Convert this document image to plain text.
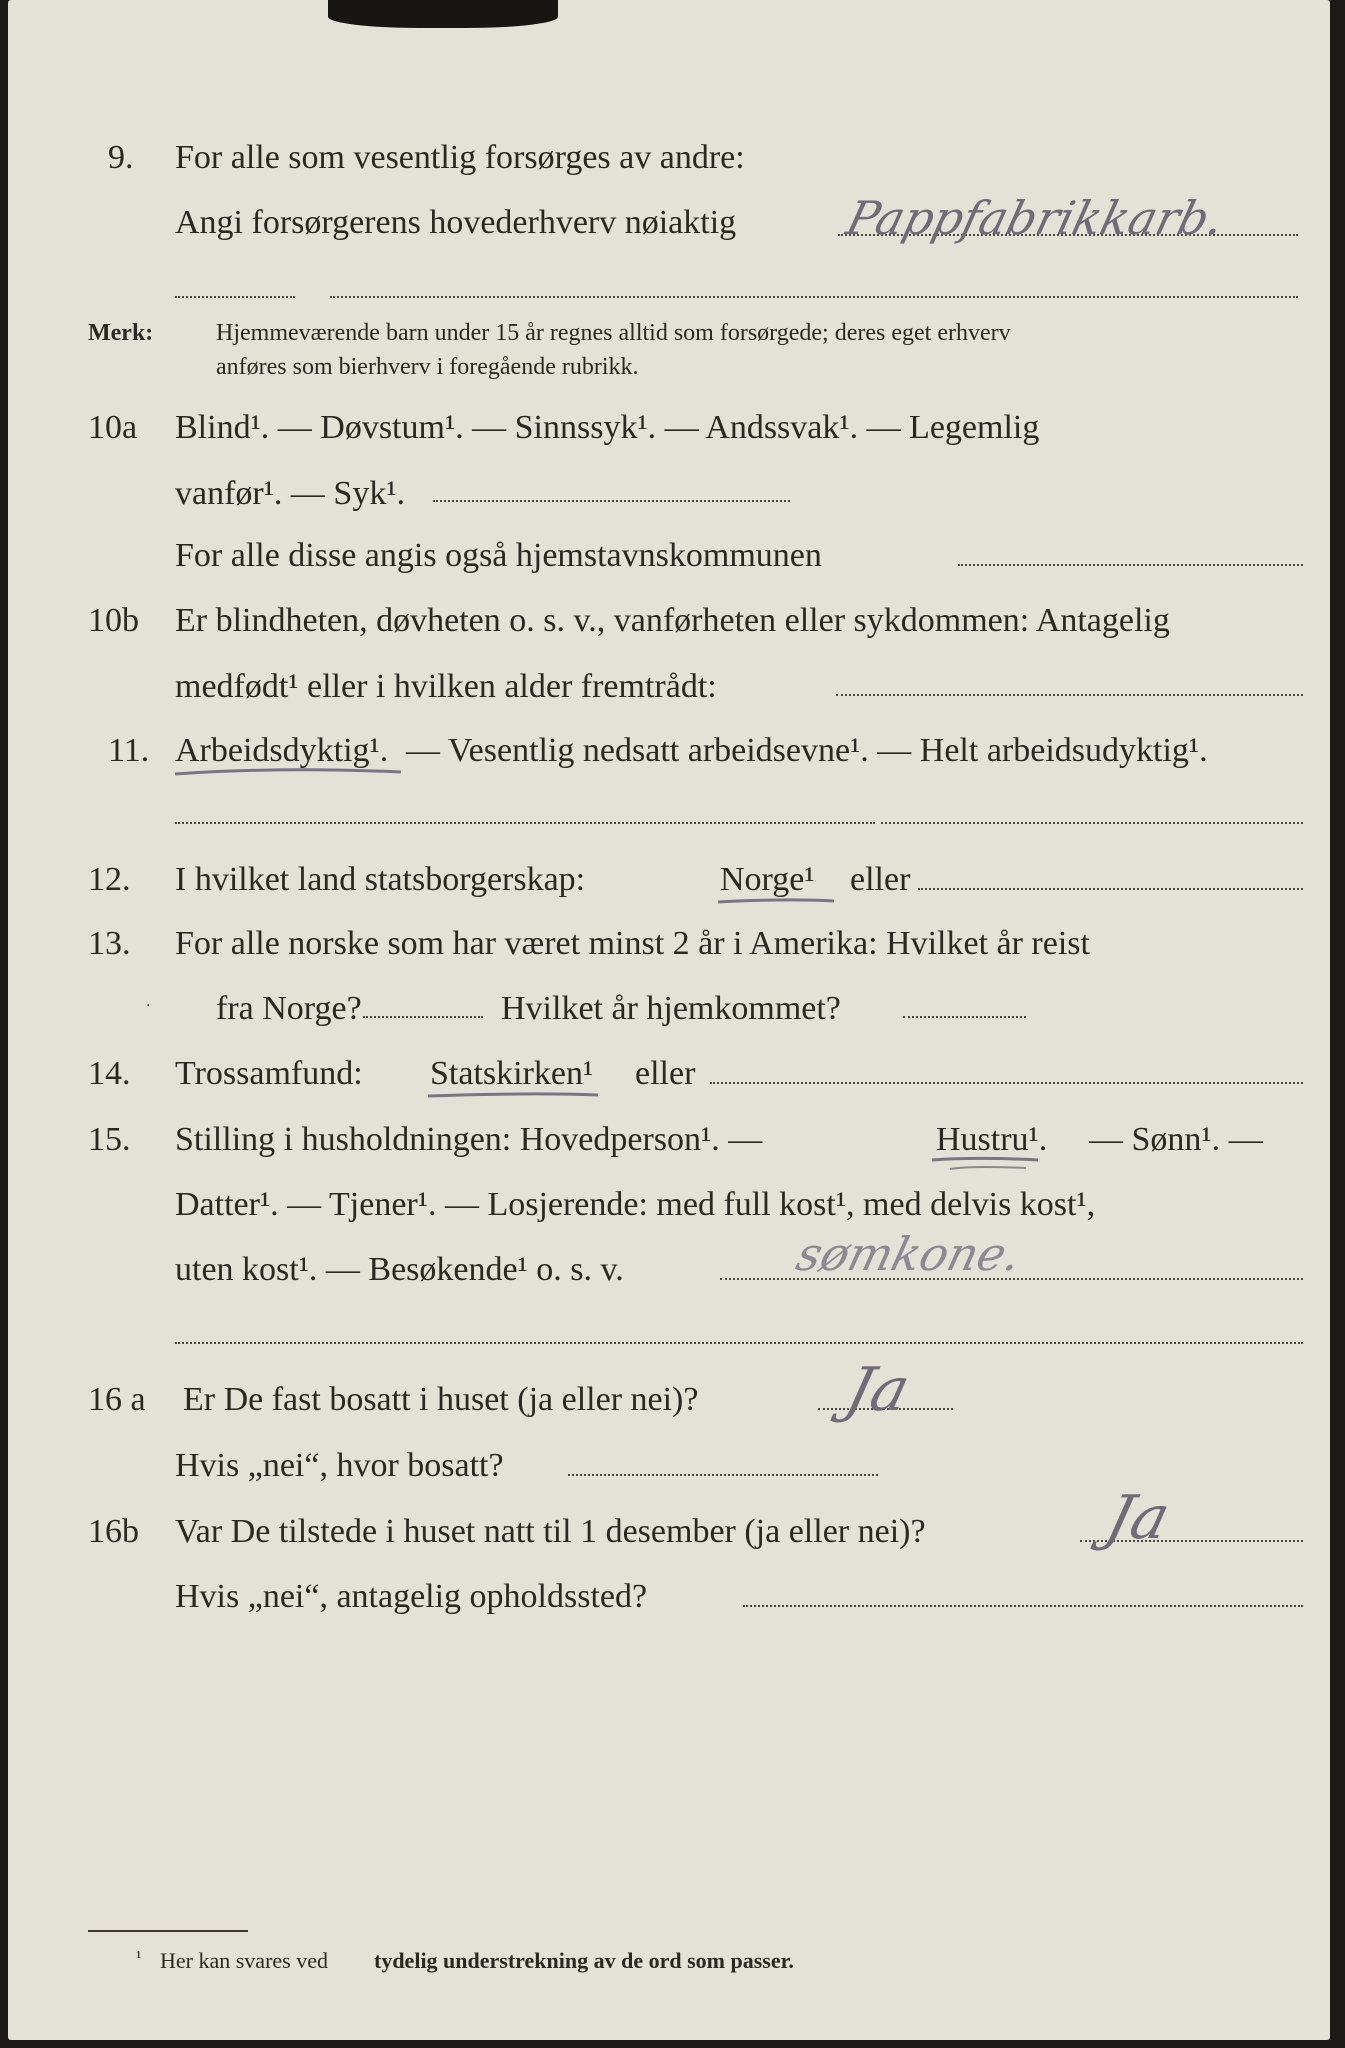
9. For alle som vesentlig forsørges av andre:
Angi forsørgerens hovederhverv nøiaktig Pappfabrikkarb.
Merk:	Hjemmeværende barn under 15 år regnes alltid som forsørgede; deres eget erhverv
anføres som bierhverv i foregående rubrikk.
10a Blind¹. — Døvstum¹. — Sinnssyk¹. — Andssvak¹. — Legemlig
vanfør¹. — Syk¹.
For alle disse angis også hjemstavnskommunen
10b Er blindheten, døvheten o. s. v., vanførheten eller sykdommen: Antagelig
medfødt¹ eller i hvilken alder fremtrådt:
11. Arbeidsdyktig¹. — Vesentlig nedsatt arbeidsevne¹. — Helt arbeidsudyktig¹.
12. I hvilket land statsborgerskap:	Norge¹ eller
13. For alle norske som har været minst 2 år i Amerika: Hvilket år reist
fra Norge?	Hvilket år hjemkommet?
·
14. Trossamfund: Statskirken¹ eller
15. Stilling i husholdningen: Hovedperson¹. —	Hustru¹. — Sønn¹. —
Datter¹. — Tjener¹. — Losjerende: med full kost¹, med delvis kost¹,
uten kost¹. — Besøkende¹ o. s. v.	sømkone.
16 a Er De fast bosatt i huset (ja eller nei)? Ja
Hvis „nei“, hvor bosatt?
16b Var De tilstede i huset natt til 1 desember (ja eller nei)?	Ja
Hvis „nei“, antagelig opholdssted?
¹ Her kan svares ved tydelig understrekning av de ord som passer.
